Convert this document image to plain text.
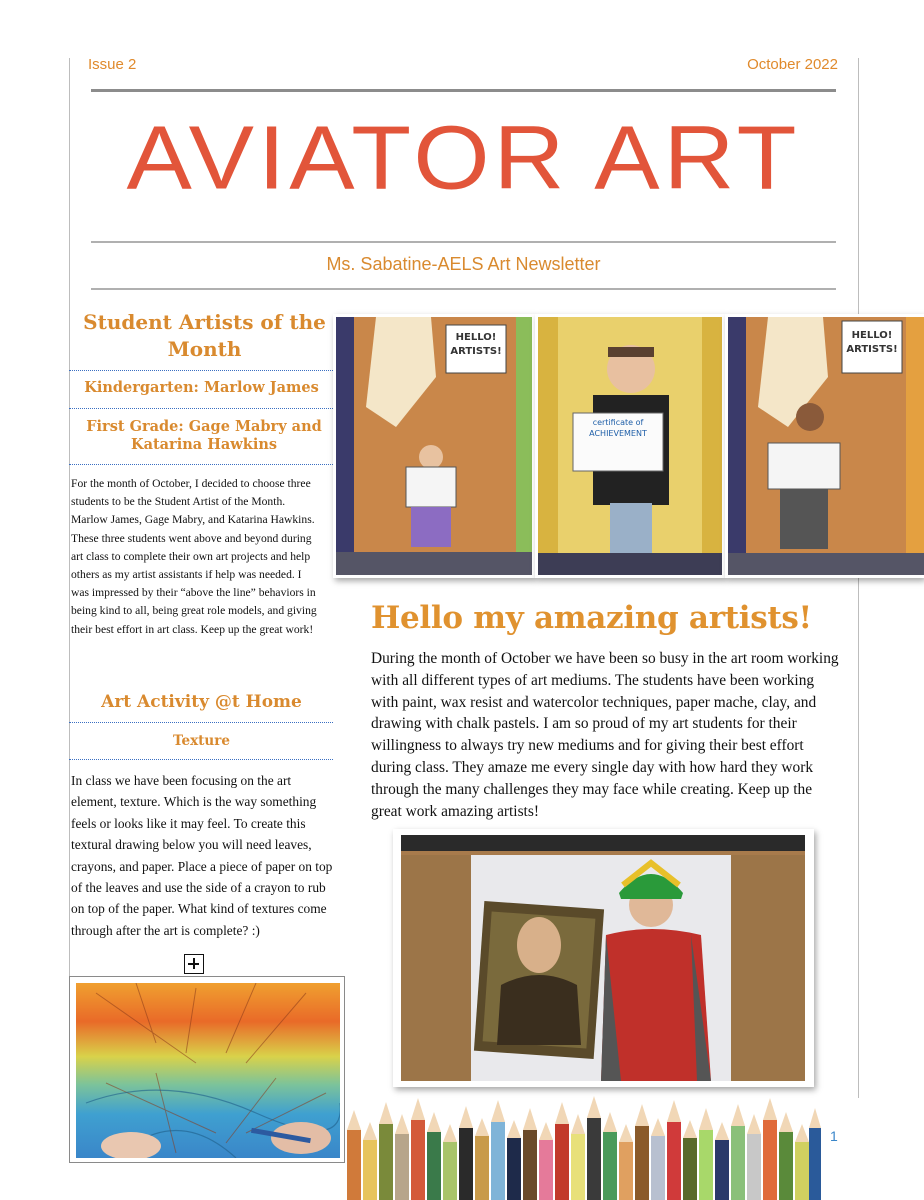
Issue 2	October 2022
AVIATOR ART
Ms. Sabatine-AELS Art Newsletter
Student Artists of the Month
Kindergarten: Marlow James
First Grade: Gage Mabry and Katarina Hawkins
For the month of October, I decided to choose three students to be the Student Artist of the Month. Marlow James, Gage Mabry, and Katarina Hawkins. These three students went above and beyond during art class to complete their own art projects and help others as my artist assistants if help was needed. I was impressed by their “above the line” behaviors in being kind to all, being great role models, and giving their best effort in art class. Keep up the great work!
Art Activity @t Home
Texture
In class we have been focusing on the art element, texture. Which is the way something feels or looks like it may feel. To create this textural drawing below you will need leaves, crayons, and paper. Place a piece of paper on top of the leaves and use the side of a crayon to rub on top of the paper. What kind of textures come through after the art is complete? :)
HELLO! ARTISTS!
certificate of ACHIEVEMENT
HELLO! ARTISTS!
Hello my amazing artists!
During the month of October we have been so busy in the art room working with all different types of art mediums. The students have been working with paint, wax resist and watercolor techniques, paper mache, clay, and drawing with chalk pastels. I am so proud of my art students for their willingness to always try new mediums and for giving their best effort during class. They amaze me every single day with how hard they work through the many challenges they may face while creating. Keep up the great work amazing artists!
1
